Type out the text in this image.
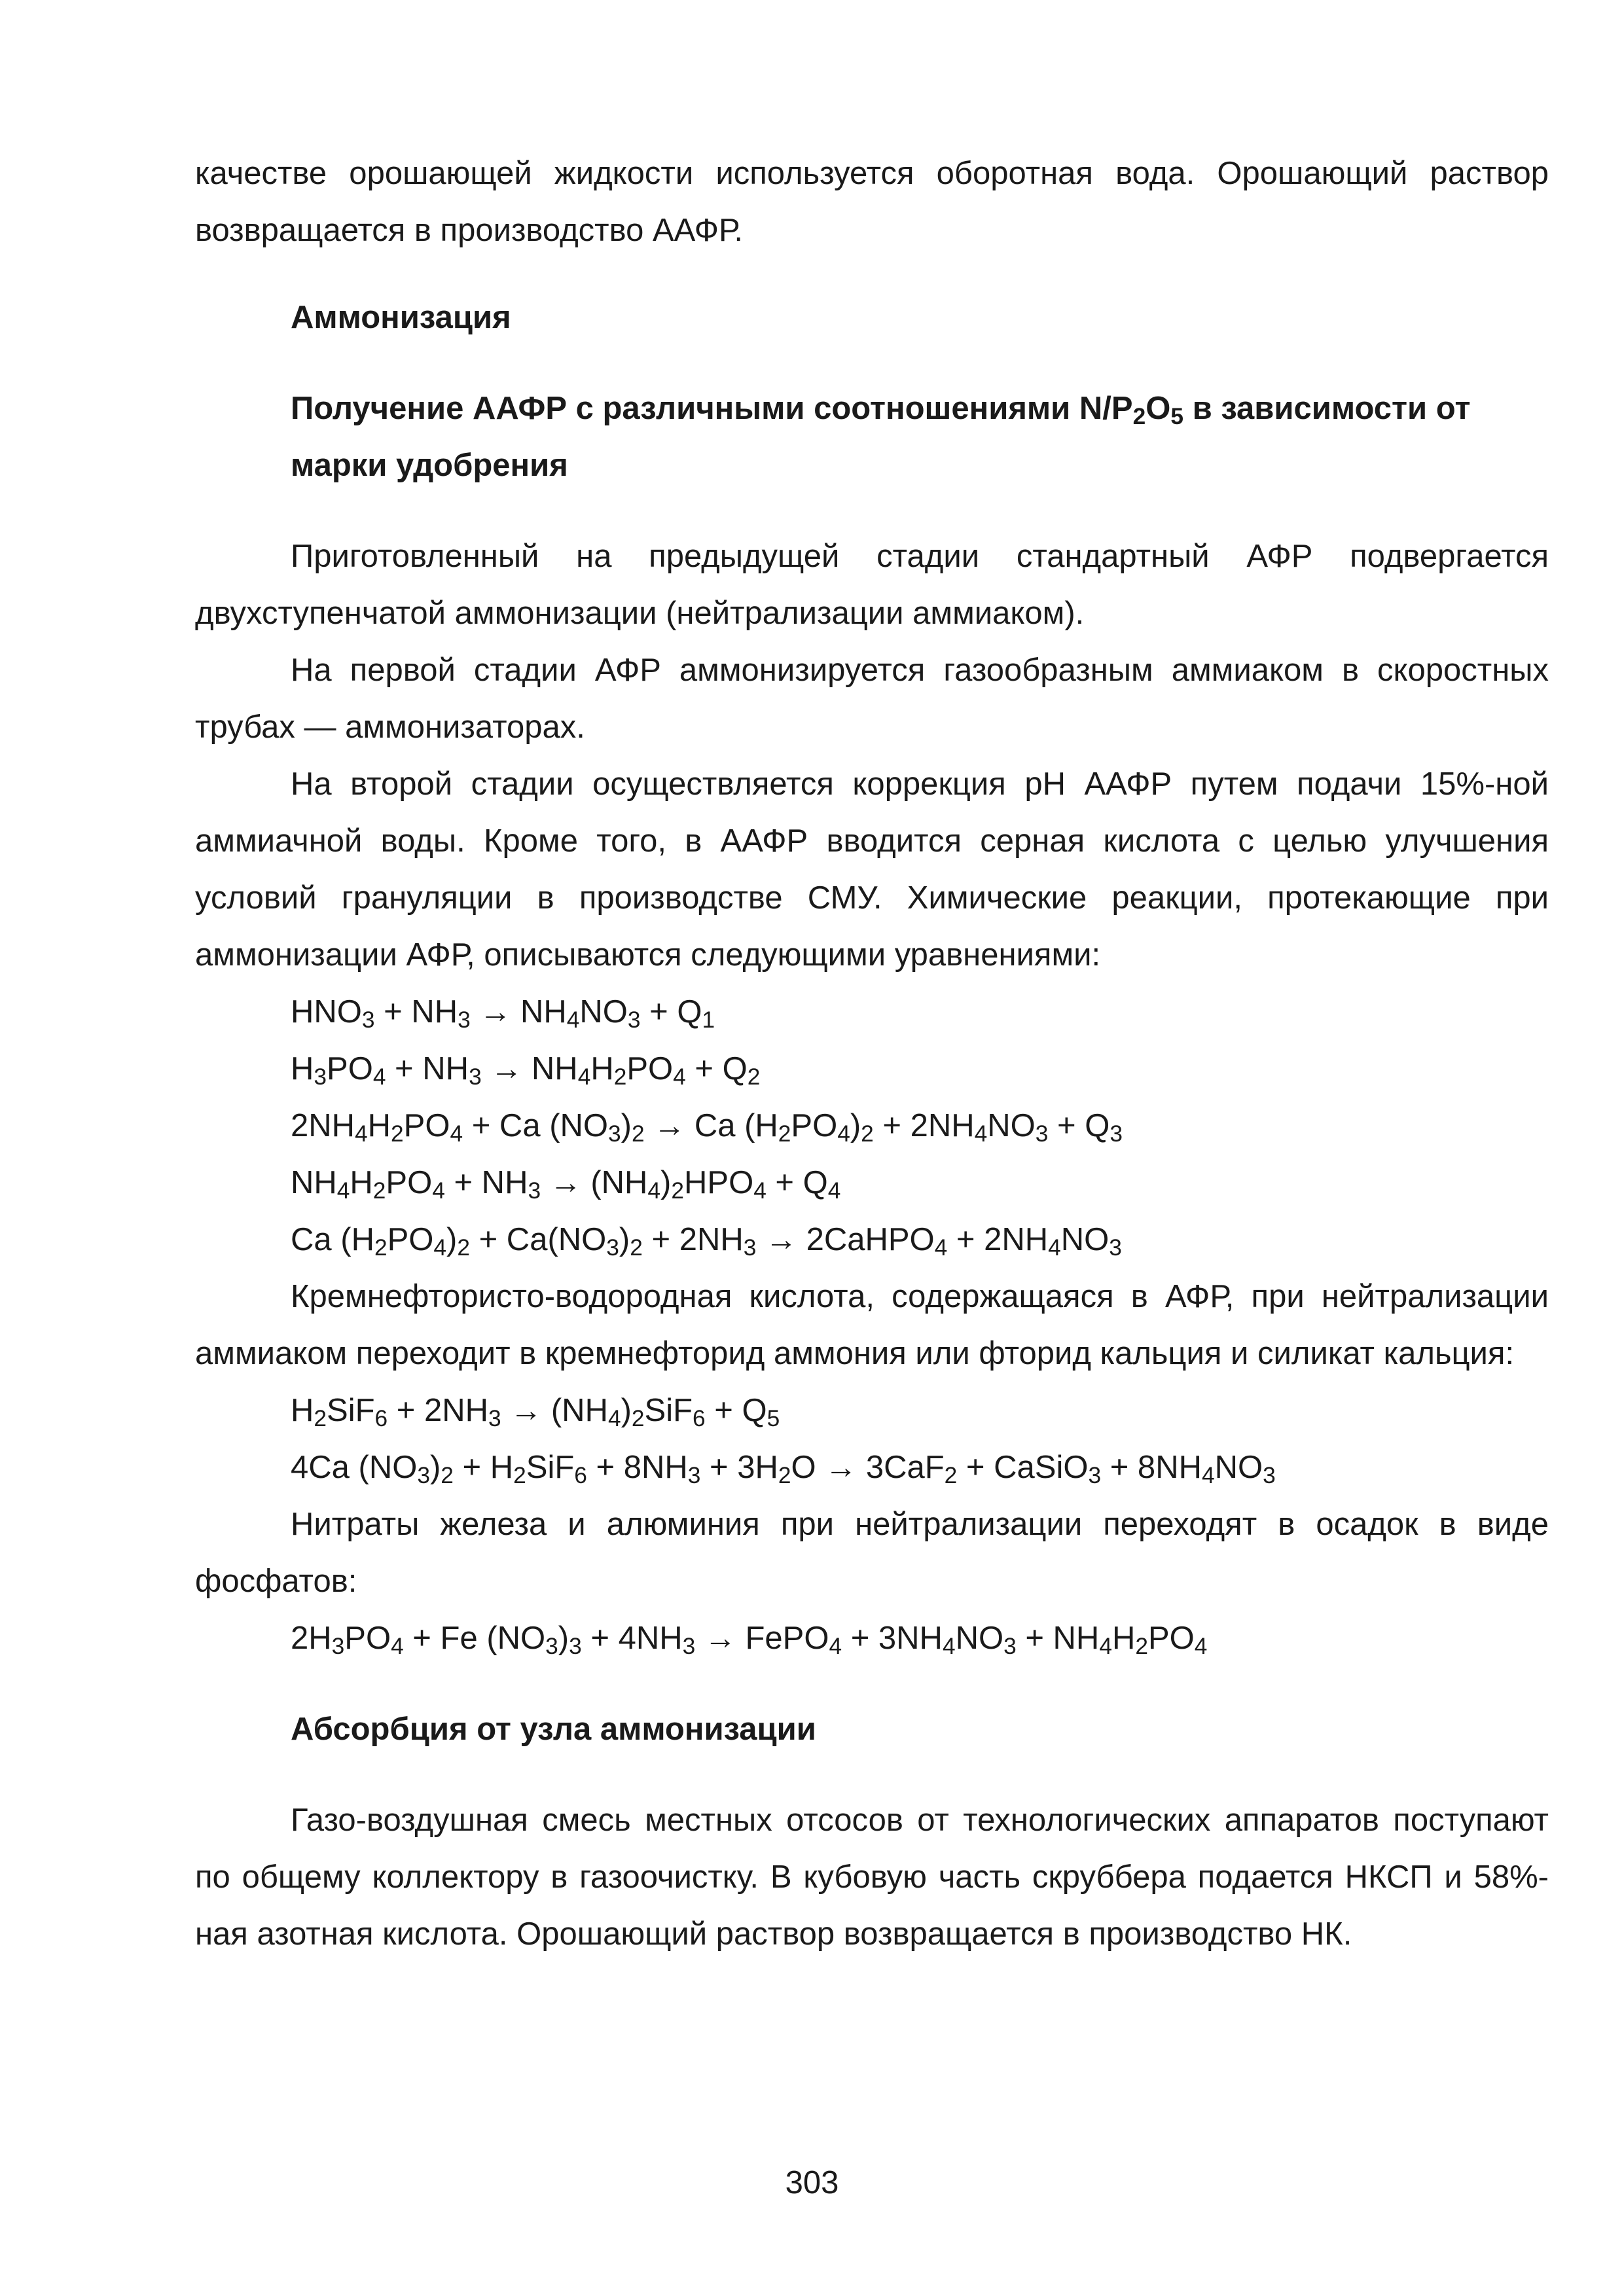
качестве орошающей жидкости используется оборотная вода. Орошающий раствор возвращается в производство ААФР.

Аммонизация

Получение ААФР с различными соотношениями $N/P_2O_5$ в зависимости от марки удобрения

Приготовленный на предыдущей стадии стандартный АФР подвергается двухступенчатой аммонизации (нейтрализации аммиаком).

На первой стадии АФР аммонизируется газообразным аммиаком в скоростных трубах — аммонизаторах.

На второй стадии осуществляется коррекция pH ААФР путем подачи 15%-ной аммиачной воды. Кроме того, в ААФР вводится серная кислота с целью улучшения условий грануляции в производстве СМУ. Химические реакции, протекающие при аммонизации АФР, описываются следующими уравнениями:

$HNO_3 + NH_3 \to NH_4NO_3 + Q_1$

$H_3PO_4 + NH_3 \to NH_4H_2PO_4 + Q_2$

$2NH_4H_2PO_4 + Ca$ $(NO_3)_2 \to Ca$ $(H_2PO_4)_2 + 2NH_4NO_3 + Q_3$

$NH_4H_2PO_4 + NH_3 \to (NH_4)_2HPO_4 + Q_4$

Ca $(H_2PO_4)_2 + Ca(NO_3)_2 + 2NH_3$ → 2CaHPO$_4$ + $2NH_4NO_3$

Кремнефтористо-водородная кислота, содержащаяся в АФР, при нейтрализации аммиаком переходит в кремнефторид аммония или фторид кальция и силикат кальция:

$H_2SiF_6 + 2NH_3 \to (NH_4)_2SiF_6 + Q_5$

4Ca $(NO_3)_2 + H_2SiF_6 + 8NH_3 + 3H_2O \to 3CaF_2$ + CaSiO$_3$ + $8NH_4NO_3$

Нитраты железа и алюминия при нейтрализации переходят в осадок в виде фосфатов:

$2H_3PO_4 + Fe$ $(NO_3)_3 + 4NH_3$ → FePO$_4$ + $3NH_4NO_3 + NH_4H_2PO_4$

Абсорбция от узла аммонизации

Газо-воздушная смесь местных отсосов от технологических аппаратов поступают по общему коллектору в газоочистку. В кубовую часть скруббера подается НКСП и 58%-ная азотная кислота. Орошающий раствор возвращается в производство НК.

303
